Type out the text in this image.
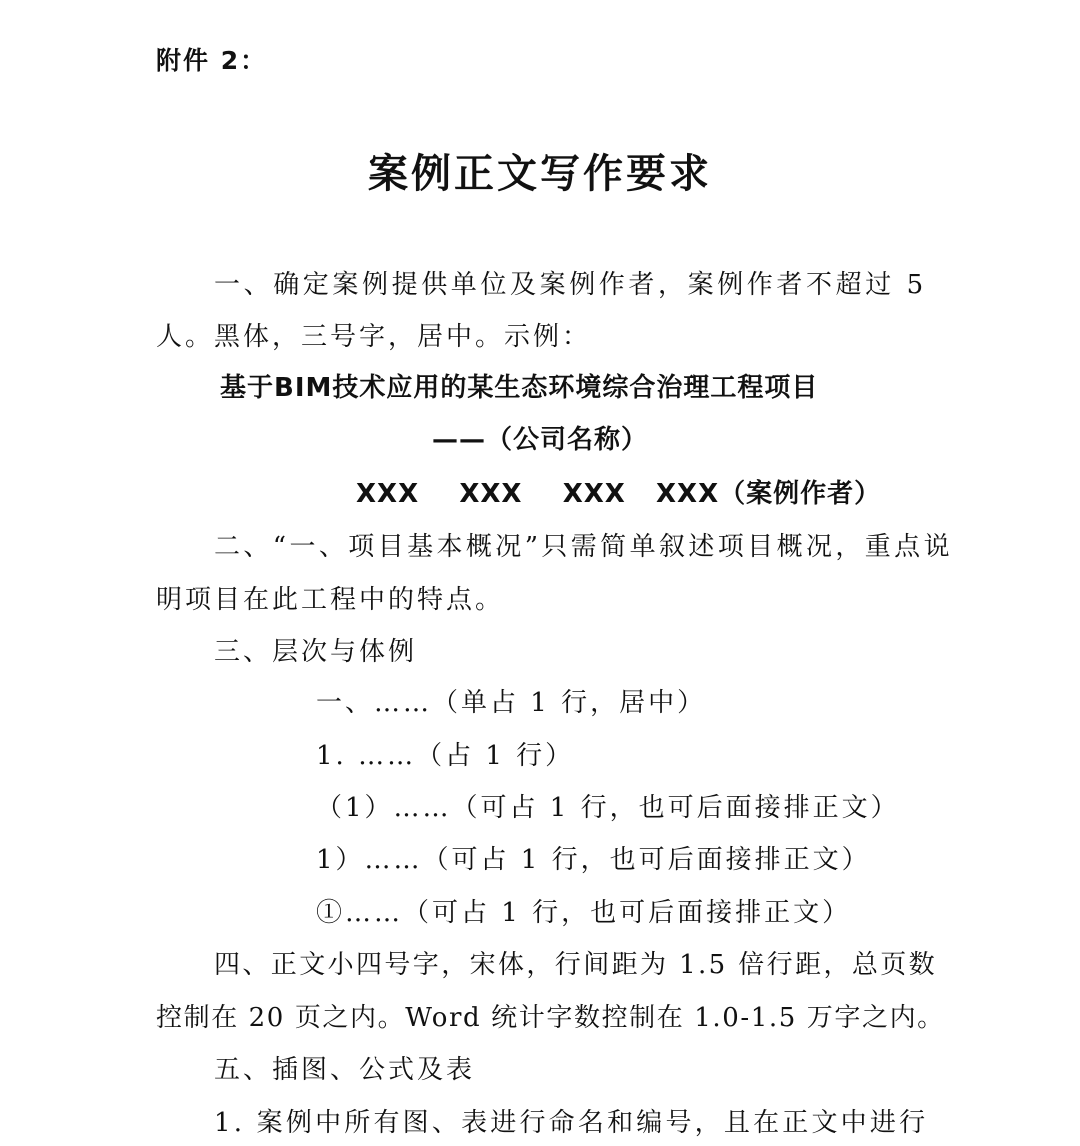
附件 2：
案例正文写作要求
一、确定案例提供单位及案例作者，案例作者不超过 5
人。黑体，三号字，居中。示例：
基于BIM技术应用的某生态环境综合治理工程项目
——（公司名称）
XXX    XXX    XXX   XXX（案例作者）
二、“一、项目基本概况”只需简单叙述项目概况，重点说
明项目在此工程中的特点。
三、层次与体例
一、……（单占 1 行，居中）
1. ……（占 1 行）
（1）……（可占 1 行，也可后面接排正文）
1）……（可占 1 行，也可后面接排正文）
①……（可占 1 行，也可后面接排正文）
四、正文小四号字，宋体，行间距为 1.5 倍行距，总页数
控制在 20 页之内。Word 统计字数控制在 1.0-1.5 万字之内。
五、插图、公式及表
1. 案例中所有图、表进行命名和编号，且在正文中进行
